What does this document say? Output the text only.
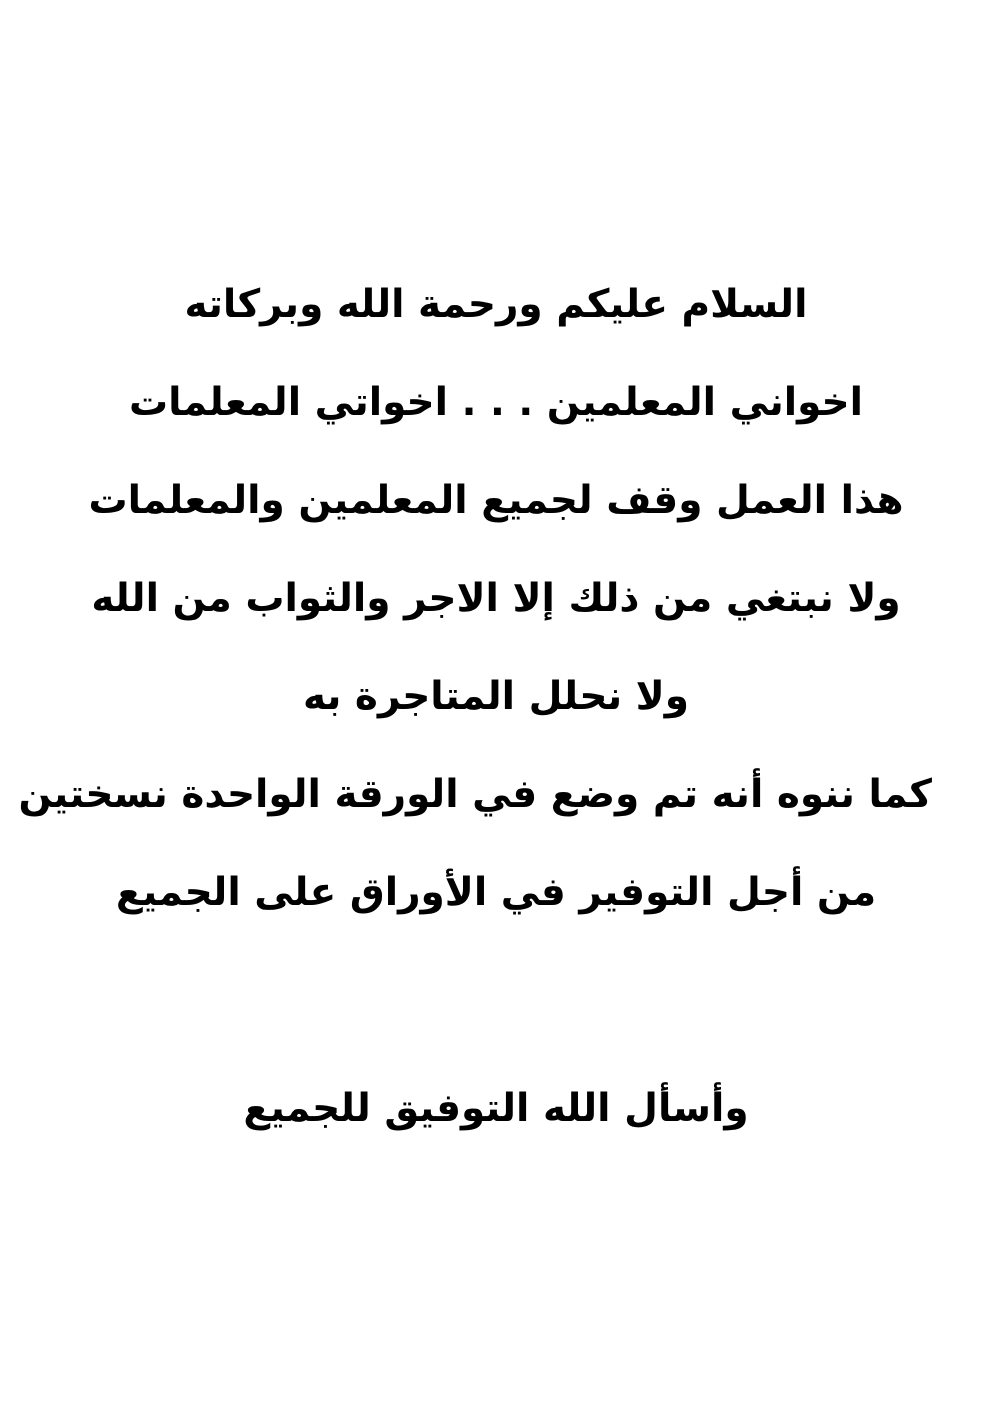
السلام عليكم ورحمة الله وبركاته
اخواني المعلمين . . . اخواتي المعلمات
هذا العمل وقف لجميع المعلمين والمعلمات
ولا نبتغي من ذلك إلا الاجر والثواب من الله
ولا نحلل المتاجرة به
كما ننوه أنه تم وضع في الورقة الواحدة نسختين
من أجل التوفير في الأوراق على الجميع
وأسأل الله التوفيق للجميع
